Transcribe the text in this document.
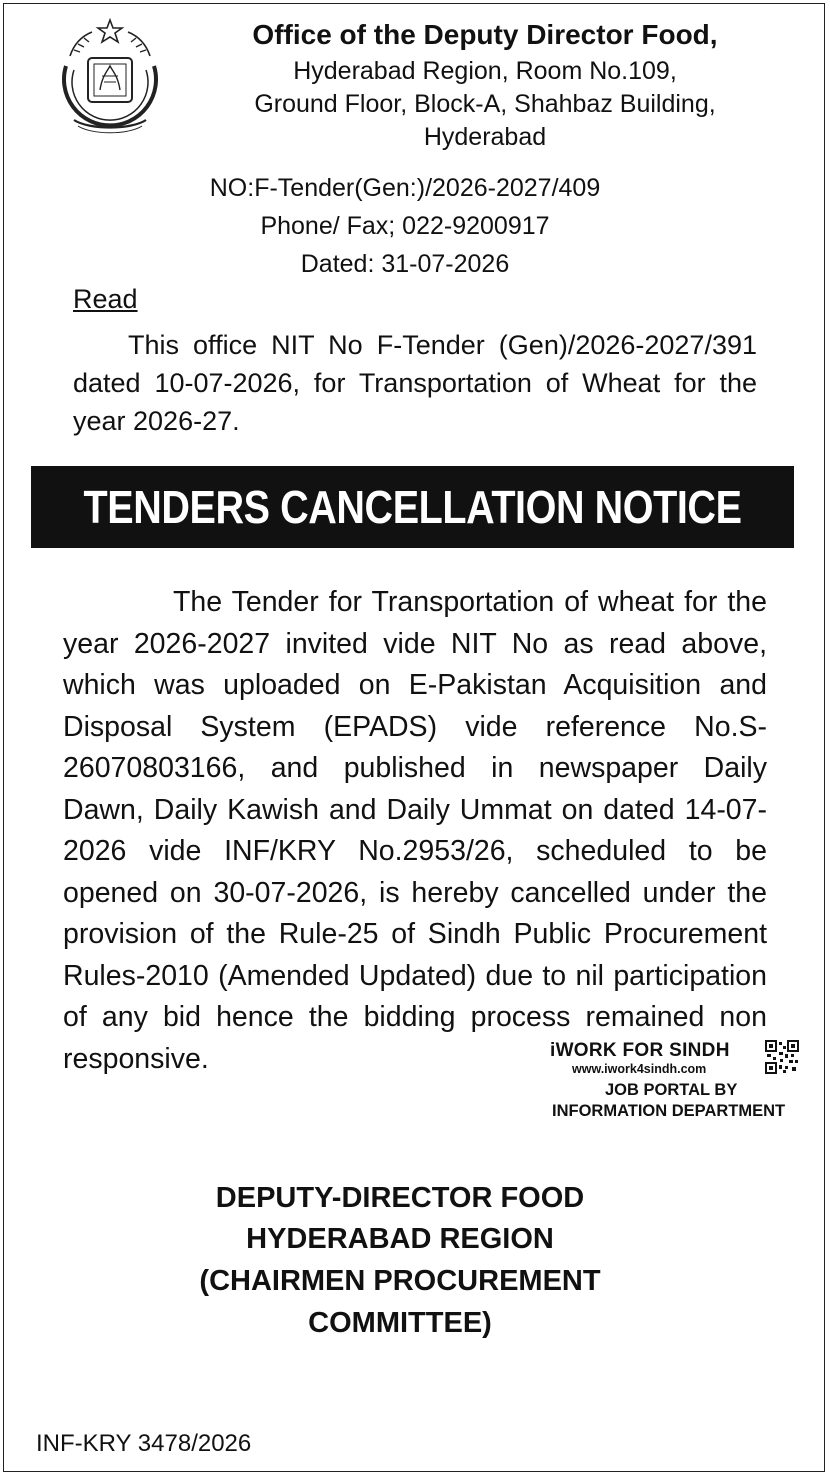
Office of the Deputy Director Food,
Hyderabad Region, Room No.109,
Ground Floor, Block-A, Shahbaz Building,
Hyderabad
NO:F-Tender(Gen:)/2026-2027/409
Phone/ Fax; 022-9200917
Dated: 31-07-2026
Read
This office NIT No F-Tender (Gen)/2026-2027/391 dated 10-07-2026, for Transportation of Wheat for the year 2026-27.
TENDERS CANCELLATION NOTICE
The Tender for Transportation of wheat for the year 2026-2027 invited vide NIT No as read above, which was uploaded on E-Pakistan Acquisition and Disposal System (EPADS) vide reference No.S-26070803166, and published in newspaper Daily Dawn, Daily Kawish and Daily Ummat on dated 14-07-2026 vide INF/KRY No.2953/26, scheduled to be opened on 30-07-2026, is hereby cancelled under the provision of the Rule-25 of Sindh Public Procurement Rules-2010 (Amended Updated) due to nil participation of any bid hence the bidding process remained non responsive.
DEPUTY-DIRECTOR FOOD
HYDERABAD REGION
(CHAIRMEN PROCUREMENT
COMMITTEE)
iWORK FOR SINDH
www.iwork4sindh.com
JOB PORTAL BY
INFORMATION DEPARTMENT
INF-KRY 3478/2026
